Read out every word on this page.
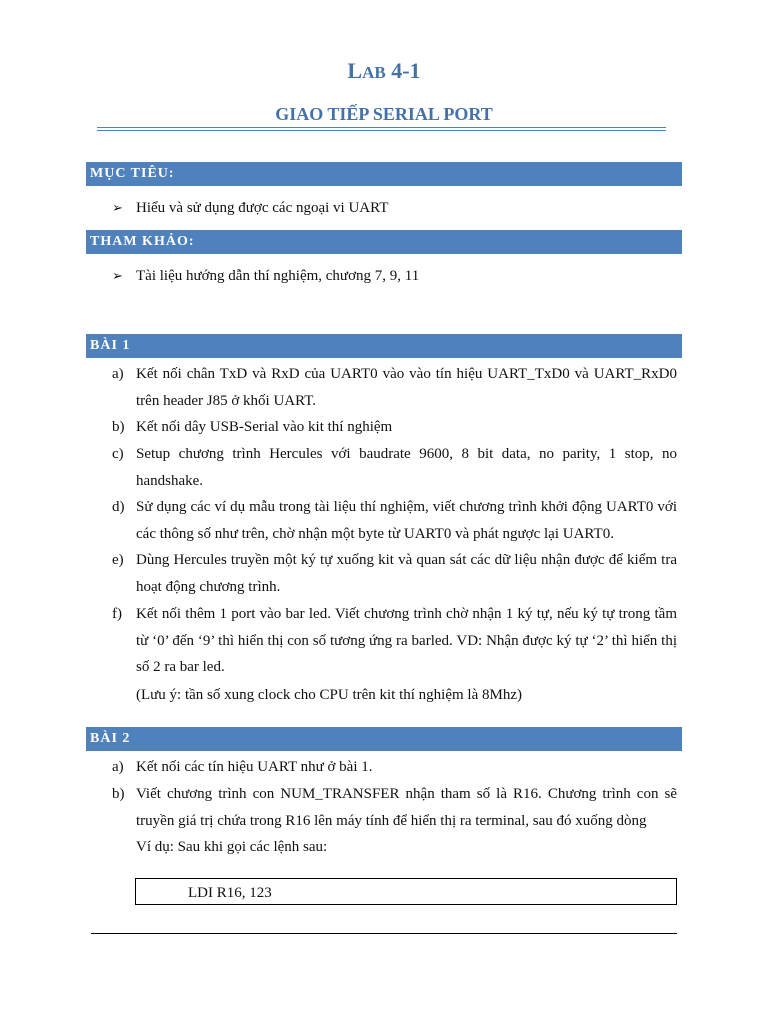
LAB 4-1
GIAO TIẾP SERIAL PORT
MỤC TIÊU:
➢ Hiểu và sử dụng được các ngoại vi UART
THAM KHẢO:
➢ Tài liệu hướng dẫn thí nghiệm, chương 7, 9, 11
BÀI 1
a) Kết nối chân TxD và RxD của UART0 vào vào tín hiệu UART_TxD0 và UART_RxD0 trên header J85 ở khối UART.
b) Kết nối dây USB-Serial vào kit thí nghiệm
c) Setup chương trình Hercules với baudrate 9600, 8 bit data, no parity, 1 stop, no handshake.
d) Sử dụng các ví dụ mẫu trong tài liệu thí nghiệm, viết chương trình khởi động UART0 với các thông số như trên, chờ nhận một byte từ UART0 và phát ngược lại UART0.
e) Dùng Hercules truyền một ký tự xuống kit và quan sát các dữ liệu nhận được để kiểm tra hoạt động chương trình.
f) Kết nối thêm 1 port vào bar led. Viết chương trình chờ nhận 1 ký tự, nếu ký tự trong tầm từ ‘0’ đến ‘9’ thì hiển thị con số tương ứng ra barled. VD: Nhận được ký tự ‘2’ thì hiển thị số 2 ra bar led.
(Lưu ý: tần số xung clock cho CPU trên kit thí nghiệm là 8Mhz)
BÀI 2
a) Kết nối các tín hiệu UART như ở bài 1.
b) Viết chương trình con NUM_TRANSFER nhận tham số là R16. Chương trình con sẽ truyền giá trị chứa trong R16 lên máy tính để hiển thị ra terminal, sau đó xuống dòng
Ví dụ: Sau khi gọi các lệnh sau:
LDI R16, 123
